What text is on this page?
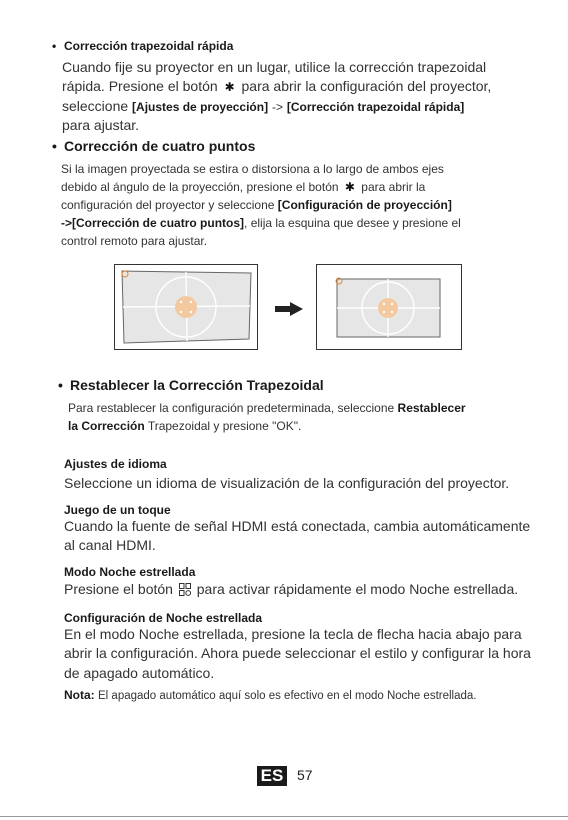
• Corrección trapezoidal rápida
Cuando fije su proyector en un lugar, utilice la corrección trapezoidal
rápida. Presione el botón ✱ para abrir la configuración del proyector,
seleccione [Ajustes de proyección] -> [Corrección trapezoidal rápida]
para ajustar.
• Corrección de cuatro puntos
Si la imagen proyectada se estira o distorsiona a lo largo de ambos ejes
debido al ángulo de la proyección, presione el botón ✱ para abrir la
configuración del proyector y seleccione [Configuración de proyección]
->[Corrección de cuatro puntos], elija la esquina que desee y presione el
control remoto para ajustar.
• Restablecer la Corrección Trapezoidal
Para restablecer la configuración predeterminada, seleccione Restablecer
la Corrección Trapezoidal y presione "OK".
Ajustes de idioma
Seleccione un idioma de visualización de la configuración del proyector.
Juego de un toque
Cuando la fuente de señal HDMI está conectada, cambia automáticamente
al canal HDMI.
Modo Noche estrellada
Presione el botón para activar rápidamente el modo Noche estrellada.
Configuración de Noche estrellada
En el modo Noche estrellada, presione la tecla de flecha hacia abajo para
abrir la configuración. Ahora puede seleccionar el estilo y configurar la hora
de apagado automático.
Nota: El apagado automático aquí solo es efectivo en el modo Noche estrellada.
ES 57
